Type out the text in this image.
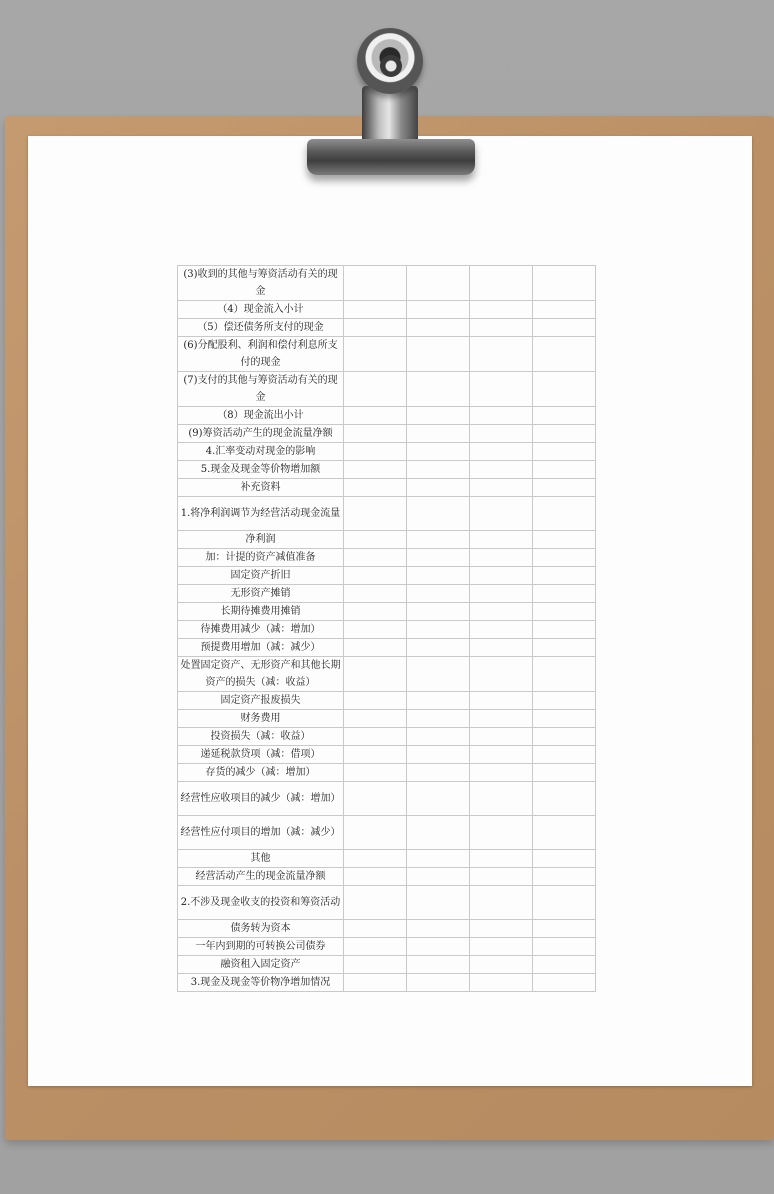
(3)收到的其他与筹资活动有关的现金				
（4）现金流入小计				
（5）偿还债务所支付的现金				
(6)分配股利、利润和偿付利息所支付的现金				
(7)支付的其他与筹资活动有关的现金				
（8）现金流出小计				
(9)筹资活动产生的现金流量净额				
4.汇率变动对现金的影响				
5.现金及现金等价物增加额				
补充资料				
1.将净利润调节为经营活动现金流量				
净利润				
加：计提的资产减值准备				
固定资产折旧				
无形资产摊销				
长期待摊费用摊销				
待摊费用减少（减：增加）				
预提费用增加（减：减少）				
处置固定资产、无形资产和其他长期资产的损失（减：收益）				
固定资产报废损失				
财务费用				
投资损失（减：收益）				
递延税款贷项（减：借项）				
存货的减少（减：增加）				
经营性应收项目的减少（减：增加）				
经营性应付项目的增加（减：减少）				
其他				
经营活动产生的现金流量净额				
2.不涉及现金收支的投资和筹资活动				
债务转为资本				
一年内到期的可转换公司债券				
融资租入固定资产				
3.现金及现金等价物净增加情况				
